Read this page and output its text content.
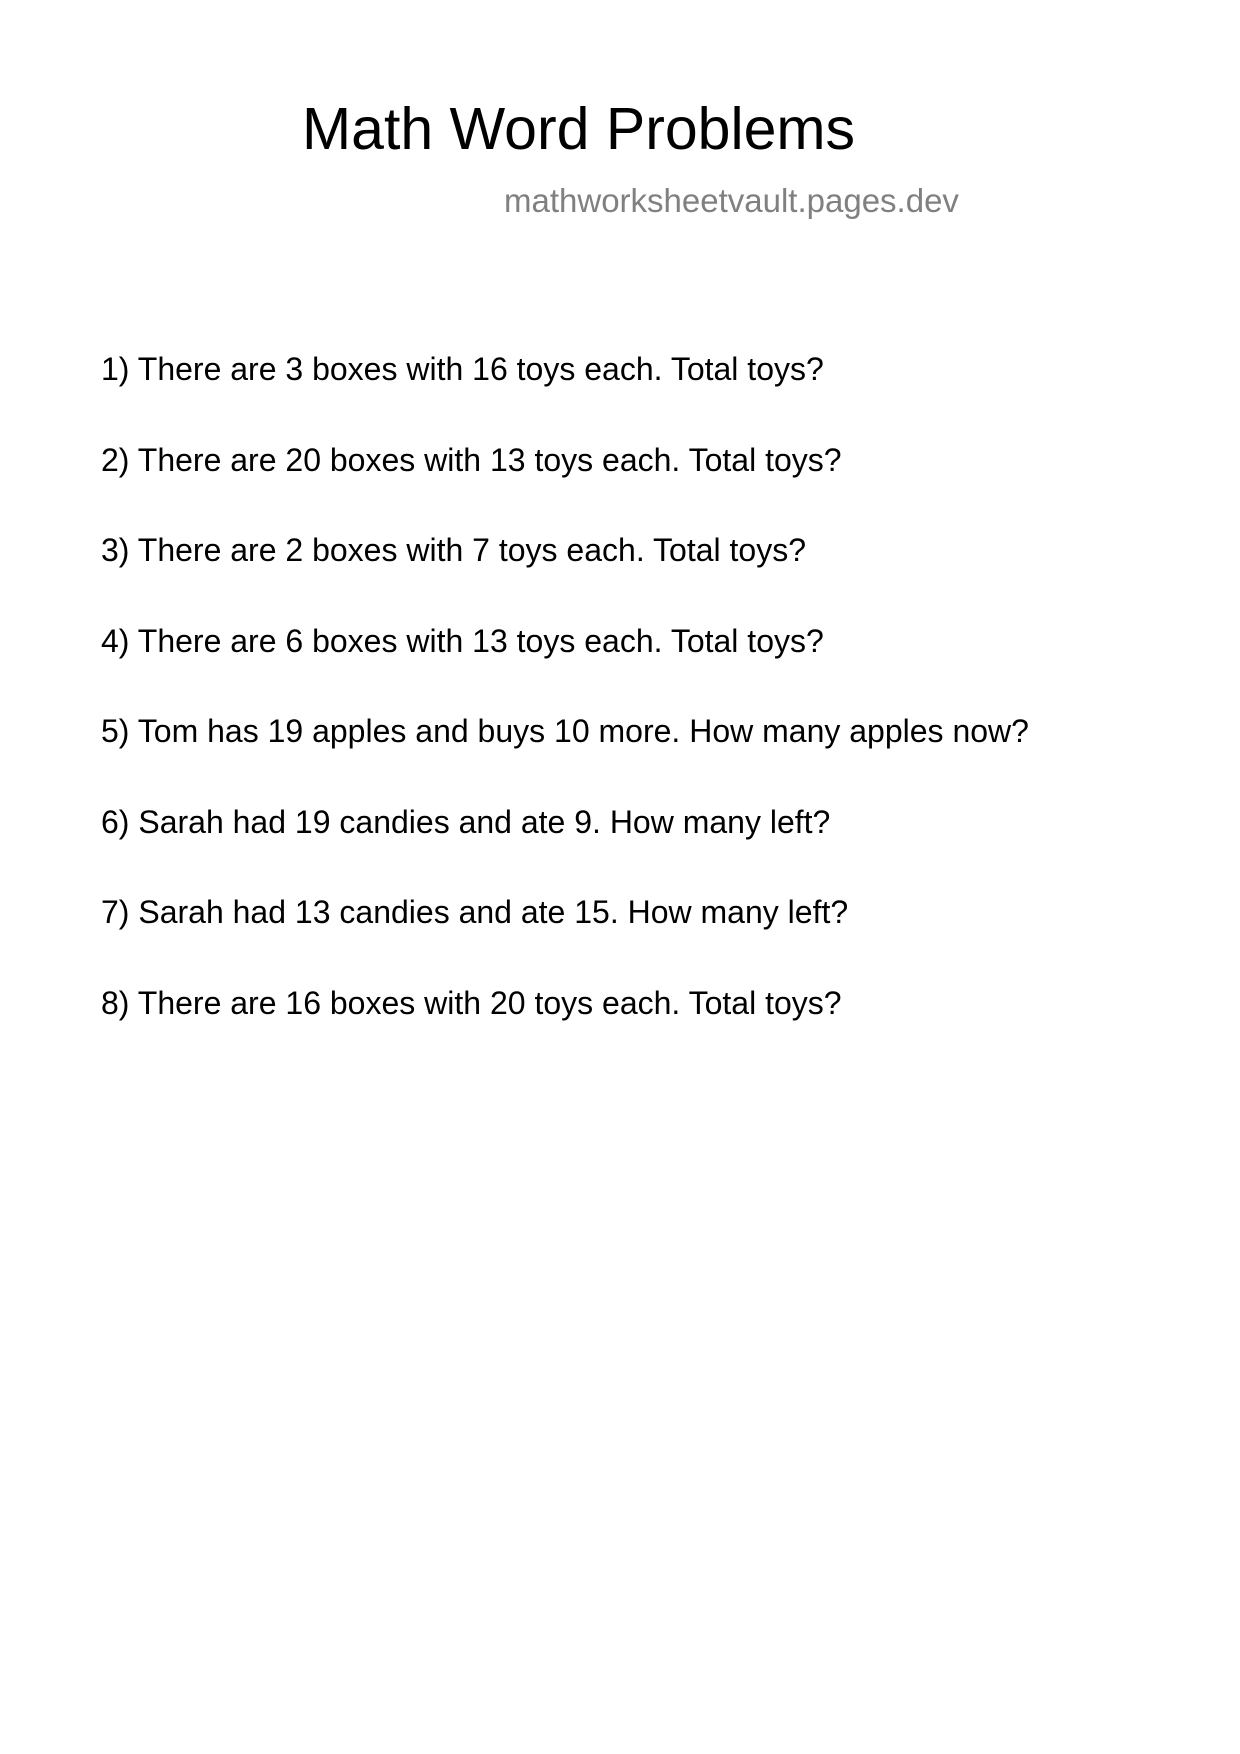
Math Word Problems
mathworksheetvault.pages.dev
1) There are 3 boxes with 16 toys each. Total toys?
2) There are 20 boxes with 13 toys each. Total toys?
3) There are 2 boxes with 7 toys each. Total toys?
4) There are 6 boxes with 13 toys each. Total toys?
5) Tom has 19 apples and buys 10 more. How many apples now?
6) Sarah had 19 candies and ate 9. How many left?
7) Sarah had 13 candies and ate 15. How many left?
8) There are 16 boxes with 20 toys each. Total toys?
